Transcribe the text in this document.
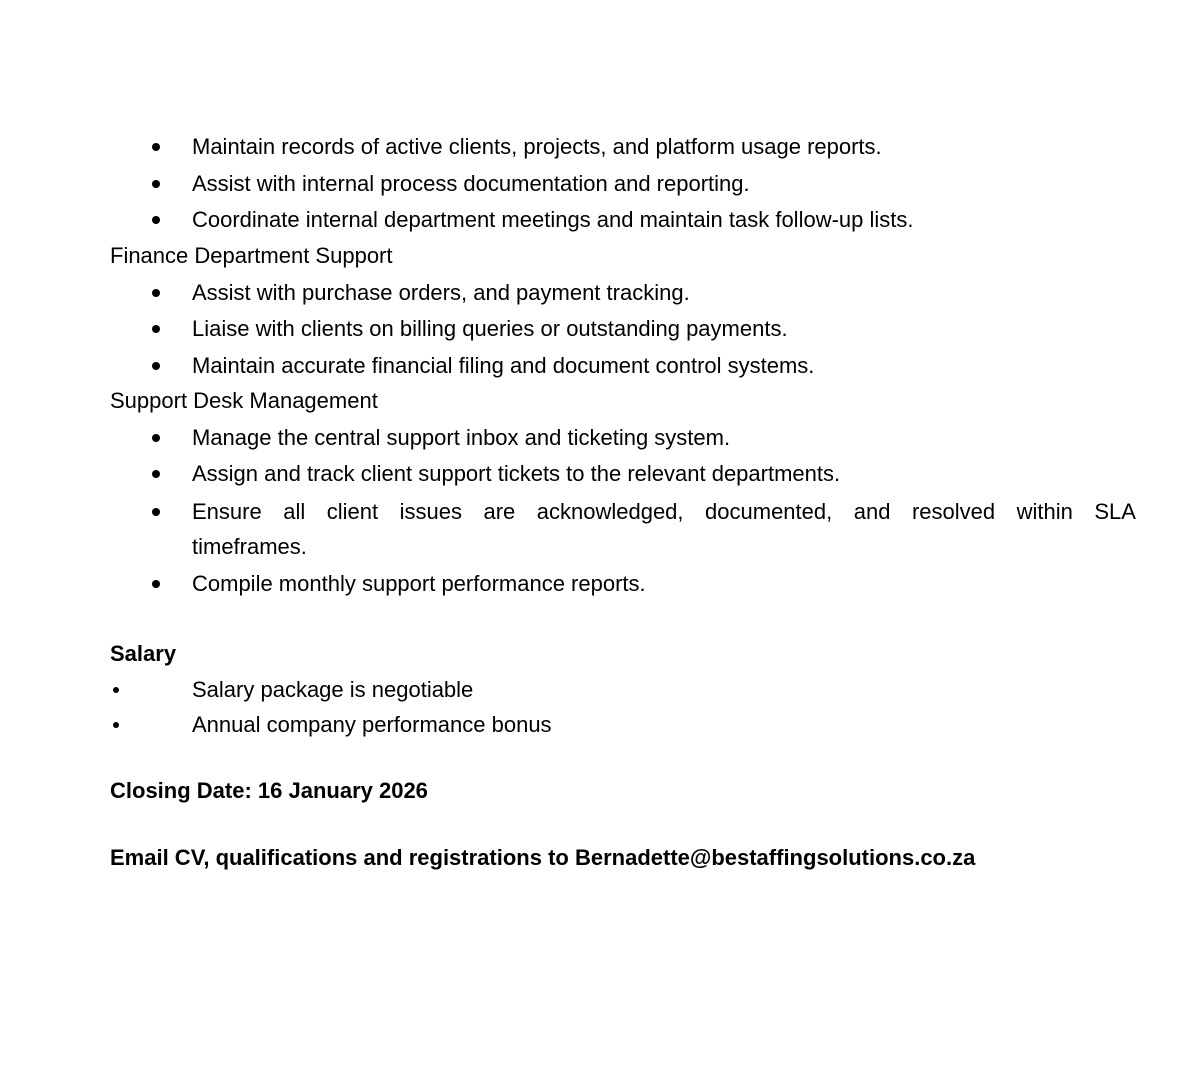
Maintain records of active clients, projects, and platform usage reports.
Assist with internal process documentation and reporting.
Coordinate internal department meetings and maintain task follow-up lists.
Finance Department Support
Assist with purchase orders, and payment tracking.
Liaise with clients on billing queries or outstanding payments.
Maintain accurate financial filing and document control systems.
Support Desk Management
Manage the central support inbox and ticketing system.
Assign and track client support tickets to the relevant departments.
Ensure all client issues are acknowledged, documented, and resolved within SLA
timeframes.
Compile monthly support performance reports.
Salary
Salary package is negotiable
Annual company performance bonus
Closing Date: 16 January 2026
Email CV, qualifications and registrations to Bernadette@bestaffingsolutions.co.za
